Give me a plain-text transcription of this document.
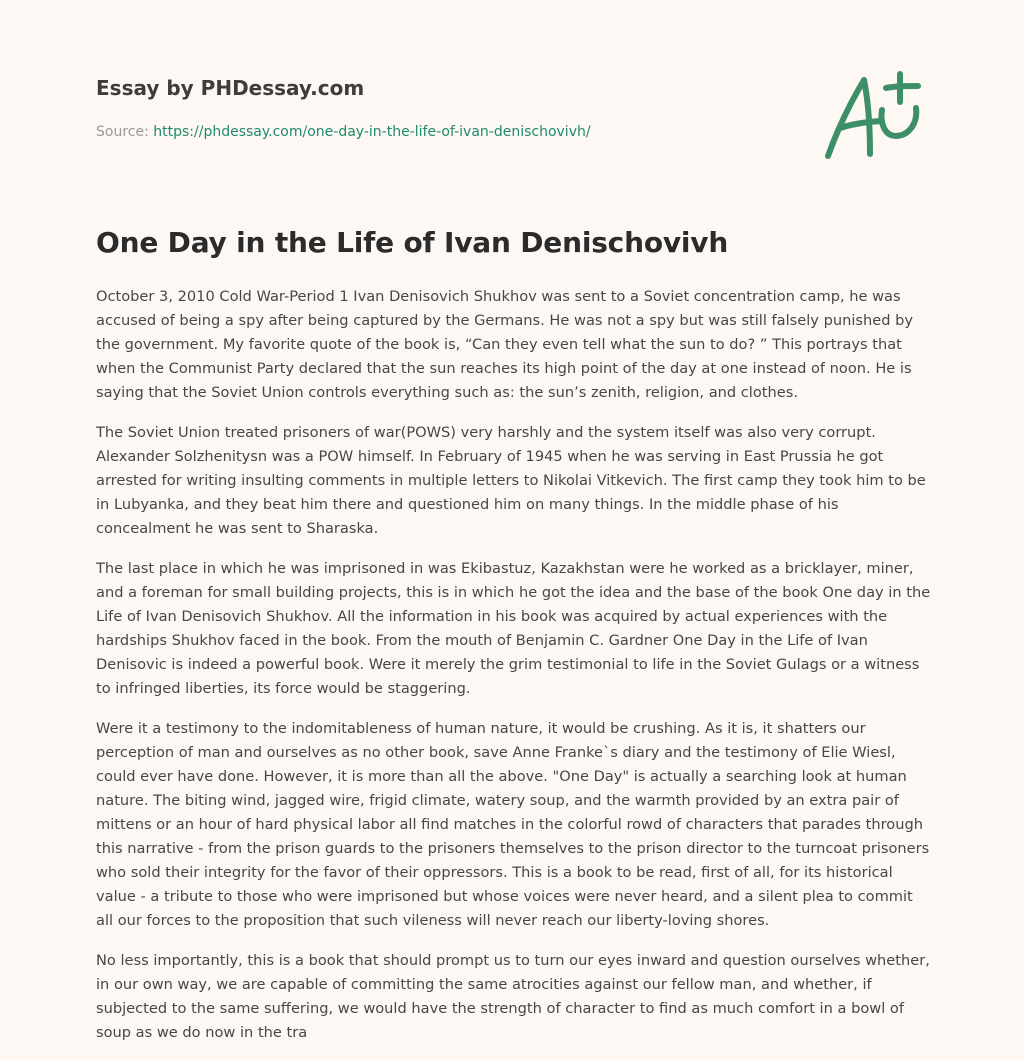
Essay by PHDessay.com

Source: https://phdessay.com/one-day-in-the-life-of-ivan-denischovivh/

One Day in the Life of Ivan Denischovivh

October 3, 2010 Cold War-Period 1 Ivan Denisovich Shukhov was sent to a Soviet concentration camp, he was accused of being a spy after being captured by the Germans. He was not a spy but was still falsely punished by the government. My favorite quote of the book is, “Can they even tell what the sun to do? ” This portrays that when the Communist Party declared that the sun reaches its high point of the day at one instead of noon. He is saying that the Soviet Union controls everything such as: the sun’s zenith, religion, and clothes.

The Soviet Union treated prisoners of war(POWS) very harshly and the system itself was also very corrupt. Alexander Solzhenitysn was a POW himself. In February of 1945 when he was serving in East Prussia he got arrested for writing insulting comments in multiple letters to Nikolai Vitkevich. The first camp they took him to be in Lubyanka, and they beat him there and questioned him on many things. In the middle phase of his concealment he was sent to Sharaska.

The last place in which he was imprisoned in was Ekibastuz, Kazakhstan were he worked as a bricklayer, miner, and a foreman for small building projects, this is in which he got the idea and the base of the book One day in the Life of Ivan Denisovich Shukhov. All the information in his book was acquired by actual experiences with the hardships Shukhov faced in the book. From the mouth of Benjamin C. Gardner One Day in the Life of Ivan Denisovic is indeed a powerful book. Were it merely the grim testimonial to life in the Soviet Gulags or a witness to infringed liberties, its force would be staggering.

Were it a testimony to the indomitableness of human nature, it would be crushing. As it is, it shatters our perception of man and ourselves as no other book, save Anne Franke`s diary and the testimony of Elie Wiesl, could ever have done. However, it is more than all the above. "One Day" is actually a searching look at human nature. The biting wind, jagged wire, frigid climate, watery soup, and the warmth provided by an extra pair of mittens or an hour of hard physical labor all find matches in the colorful rowd of characters that parades through this narrative - from the prison guards to the prisoners themselves to the prison director to the turncoat prisoners who sold their integrity for the favor of their oppressors. This is a book to be read, first of all, for its historical value - a tribute to those who were imprisoned but whose voices were never heard, and a silent plea to commit all our forces to the proposition that such vileness will never reach our liberty-loving shores.

No less importantly, this is a book that should prompt us to turn our eyes inward and question ourselves whether, in our own way, we are capable of committing the same atrocities against our fellow man, and whether, if subjected to the same suffering, we would have the strength of character to find as much comfort in a bowl of soup as we do now in the tra
